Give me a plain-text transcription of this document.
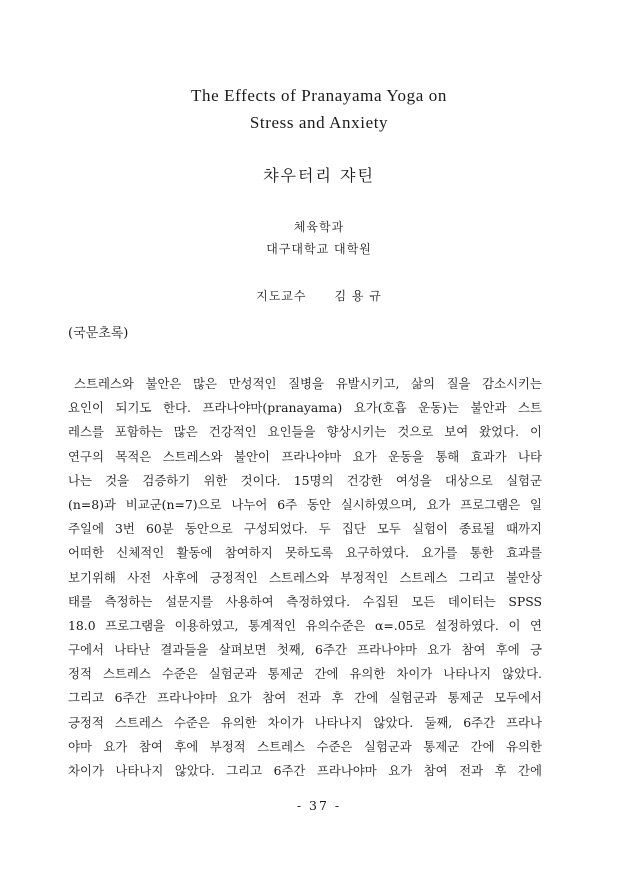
The Effects of Pranayama Yoga on
Stress and Anxiety
챠우터리 쟈틴
체육학과
대구대학교 대학원
지도교수 김 용 규
(국문초록)
스트레스와 불안은 많은 만성적인 질병을 유발시키고, 삶의 질을 감소시키는
요인이 되기도 한다. 프라나야마(pranayama) 요가(호흡 운동)는 불안과 스트
레스를 포함하는 많은 건강적인 요인들을 향상시키는 것으로 보여 왔었다. 이
연구의 목적은 스트레스와 불안이 프라나야마 요가 운동을 통해 효과가 나타
나는 것을 검증하기 위한 것이다. 15명의 건강한 여성을 대상으로 실험군
(n=8)과 비교군(n=7)으로 나누어 6주 동안 실시하였으며, 요가 프로그램은 일
주일에 3번 60분 동안으로 구성되었다. 두 집단 모두 실험이 종료될 때까지
어떠한 신체적인 활동에 참여하지 못하도록 요구하였다. 요가를 통한 효과를
보기위해 사전 사후에 긍정적인 스트레스와 부정적인 스트레스 그리고 불안상
태를 측정하는 설문지를 사용하여 측정하였다. 수집된 모든 데이터는 SPSS
18.0 프로그램을 이용하였고, 통계적인 유의수준은 α=.05로 설정하였다. 이 연
구에서 나타난 결과들을 살펴보면 첫째, 6주간 프라나야마 요가 참여 후에 긍
정적 스트레스 수준은 실험군과 통제군 간에 유의한 차이가 나타나지 않았다.
그리고 6주간 프라나야마 요가 참여 전과 후 간에 실험군과 통제군 모두에서
긍정적 스트레스 수준은 유의한 차이가 나타나지 않았다. 둘째, 6주간 프라나
야마 요가 참여 후에 부정적 스트레스 수준은 실험군과 통제군 간에 유의한
차이가 나타나지 않았다. 그리고 6주간 프라나야마 요가 참여 전과 후 간에
- 37 -
